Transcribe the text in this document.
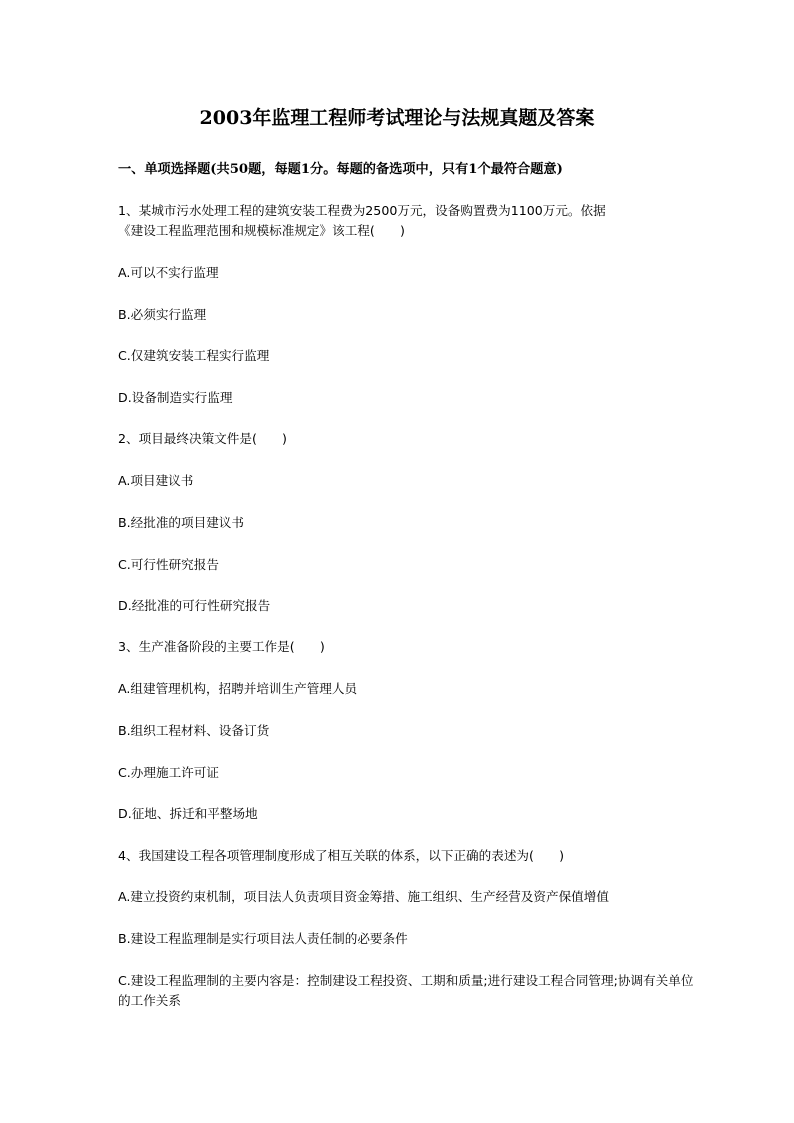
2003年监理工程师考试理论与法规真题及答案
一、单项选择题(共50题，每题1分。每题的备选项中，只有1个最符合题意)
1、某城市污水处理工程的建筑安装工程费为2500万元，设备购置费为1100万元。依据
《建设工程监理范围和规模标准规定》该工程(　　)
A.可以不实行监理
B.必须实行监理
C.仅建筑安装工程实行监理
D.设备制造实行监理
2、项目最终决策文件是(　　)
A.项目建议书
B.经批准的项目建议书
C.可行性研究报告
D.经批准的可行性研究报告
3、生产准备阶段的主要工作是(　　)
A.组建管理机构，招聘并培训生产管理人员
B.组织工程材料、设备订货
C.办理施工许可证
D.征地、拆迁和平整场地
4、我国建设工程各项管理制度形成了相互关联的体系，以下正确的表述为(　　)
A.建立投资约束机制，项目法人负责项目资金筹措、施工组织、生产经营及资产保值增值
B.建设工程监理制是实行项目法人责任制的必要条件
C.建设工程监理制的主要内容是：控制建设工程投资、工期和质量;进行建设工程合同管理;协调有关单位的工作关系
